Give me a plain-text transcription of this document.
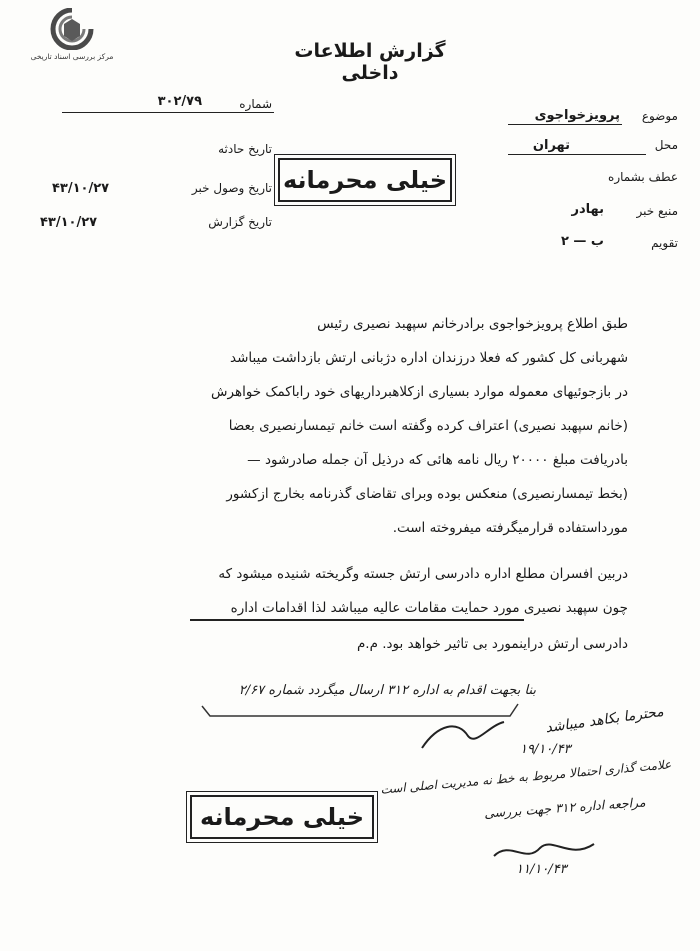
مرکز بررسی اسناد تاریخی	گزارش اطلاعات داخلی
شماره
۳۰۲/۷۹
تاریخ حادثه
تاریخ وصول خبر
۴۳/۱۰/۲۷
تاریخ گزارش
۴۳/۱۰/۲۷
موضوع
پرویزخواجوی
محل
تهران
عطف بشماره
منبع خبر
بهادر
تقویم
ب — ۲
خیلی محرمانه
طبق اطلاع پرویزخواجوی برادرخانم سپهبد نصیری رئیس
شهربانی کل کشور که فعلا درزندان اداره دژبانی ارتش بازداشت میباشد
در بازجوئیهای معموله موارد بسیاری ازکلاهبرداریهای خود راباکمک خواهرش
(خانم سپهبد نصیری) اعتراف کرده وگفته است خانم تیمسارنصیری بعضا
بادریافت مبلغ ۲۰۰۰۰ ریال نامه هائی که درذیل آن جمله صادرشود —
(بخط تیمسارنصیری) منعکس بوده وبرای تقاضای گذرنامه بخارج ازکشور
مورداستفاده قرارمیگرفته میفروخته است.
دربین افسران مطلع اداره دادرسی ارتش جسته وگریخته شنیده میشود که
چون سپهبد نصیری مورد حمایت مقامات عالیه میباشد لذا اقدامات اداره
دادرسی ارتش دراینمورد بی تاثیر خواهد بود. م.م
بنا بجهت اقدام به اداره ۳۱۲ ارسال میگردد شماره ۲/۶۷
خیلی محرمانه
محترما بکاهد میباشد
۱۹/۱۰/۴۳
علامت گذاری احتمالا مربوط به خط نه مدیریت اصلی است
مراجعه اداره ۳۱۲ جهت بررسی
۱۱/۱۰/۴۳
